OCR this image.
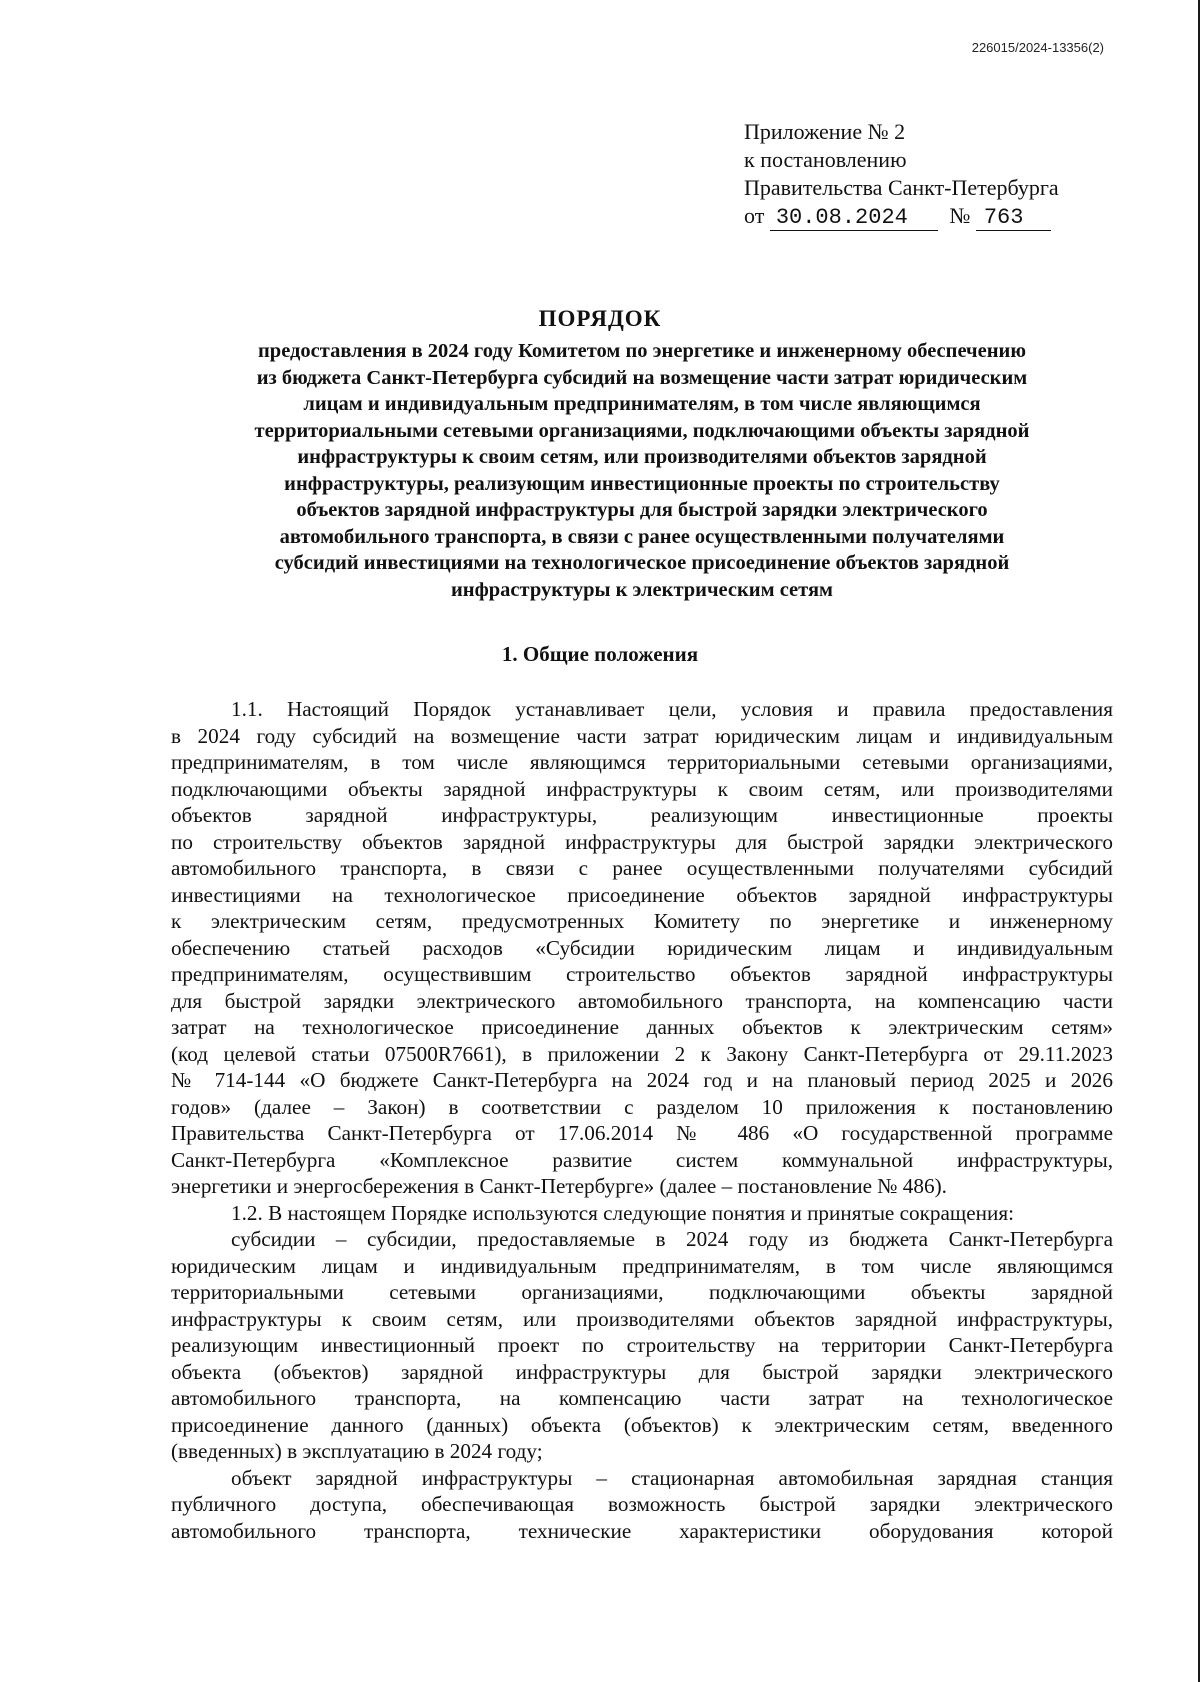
226015/2024-13356(2)
Приложение № 2
к постановлению
Правительства Санкт-Петербурга
от 30.08.2024 № 763
ПОРЯДОК
предоставления в 2024 году Комитетом по энергетике и инженерному обеспечению
из бюджета Санкт-Петербурга субсидий на возмещение части затрат юридическим
лицам и индивидуальным предпринимателям, в том числе являющимся
территориальными сетевыми организациями, подключающими объекты зарядной
инфраструктуры к своим сетям, или производителями объектов зарядной
инфраструктуры, реализующим инвестиционные проекты по строительству
объектов зарядной инфраструктуры для быстрой зарядки электрического
автомобильного транспорта, в связи с ранее осуществленными получателями
субсидий инвестициями на технологическое присоединение объектов зарядной
инфраструктуры к электрическим сетям
1. Общие положения
1.1. Настоящий Порядок устанавливает цели, условия и правила предоставления
в 2024 году субсидий на возмещение части затрат юридическим лицам и индивидуальным
предпринимателям, в том числе являющимся территориальными сетевыми организациями,
подключающими объекты зарядной инфраструктуры к своим сетям, или производителями
объектов зарядной инфраструктуры, реализующим инвестиционные проекты
по строительству объектов зарядной инфраструктуры для быстрой зарядки электрического
автомобильного транспорта, в связи с ранее осуществленными получателями субсидий
инвестициями на технологическое присоединение объектов зарядной инфраструктуры
к электрическим сетям, предусмотренных Комитету по энергетике и инженерному
обеспечению статьей расходов «Субсидии юридическим лицам и индивидуальным
предпринимателям, осуществившим строительство объектов зарядной инфраструктуры
для быстрой зарядки электрического автомобильного транспорта, на компенсацию части
затрат на технологическое присоединение данных объектов к электрическим сетям»
(код целевой статьи 07500R7661), в приложении 2 к Закону Санкт-Петербурга от 29.11.2023
№ 714-144 «О бюджете Санкт-Петербурга на 2024 год и на плановый период 2025 и 2026
годов» (далее – Закон) в соответствии с разделом 10 приложения к постановлению
Правительства Санкт-Петербурга от 17.06.2014 № 486 «О государственной программе
Санкт-Петербурга «Комплексное развитие систем коммунальной инфраструктуры,
энергетики и энергосбережения в Санкт-Петербурге» (далее – постановление № 486).
1.2. В настоящем Порядке используются следующие понятия и принятые сокращения:
субсидии – субсидии, предоставляемые в 2024 году из бюджета Санкт-Петербурга
юридическим лицам и индивидуальным предпринимателям, в том числе являющимся
территориальными сетевыми организациями, подключающими объекты зарядной
инфраструктуры к своим сетям, или производителями объектов зарядной инфраструктуры,
реализующим инвестиционный проект по строительству на территории Санкт-Петербурга
объекта (объектов) зарядной инфраструктуры для быстрой зарядки электрического
автомобильного транспорта, на компенсацию части затрат на технологическое
присоединение данного (данных) объекта (объектов) к электрическим сетям, введенного
(введенных) в эксплуатацию в 2024 году;
объект зарядной инфраструктуры – стационарная автомобильная зарядная станция
публичного доступа, обеспечивающая возможность быстрой зарядки электрического
автомобильного транспорта, технические характеристики оборудования которой
